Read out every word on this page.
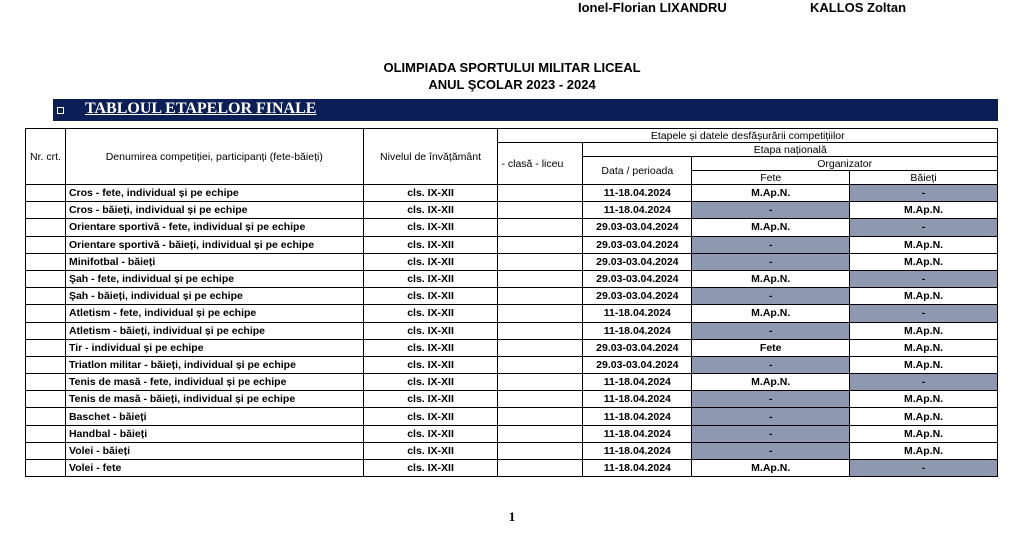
Ionel-Florian LIXANDRU	KALLOS Zoltan
OLIMPIADA SPORTULUI MILITAR LICEAL
ANUL ŞCOLAR 2023 - 2024
TABLOUL ETAPELOR FINALE
Nr. crt.	Denumirea competiției, participanți (fete-băieți)	Nivelul de învățământ	Etapele și datele desfășurării competițiilor			
			- clasă - liceu	Etapa națională		
				Data / perioada	Organizator	
					Fete	Băieți
	Cros - fete, individual și pe echipe	cls. IX-XII		11-18.04.2024	M.Ap.N.	-
	Cros - băieți, individual și pe echipe	cls. IX-XII		11-18.04.2024	-	M.Ap.N.
	Orientare sportivă - fete, individual și pe echipe	cls. IX-XII		29.03-03.04.2024	M.Ap.N.	-
	Orientare sportivă - băieți, individual și pe echipe	cls. IX-XII		29.03-03.04.2024	-	M.Ap.N.
	Minifotbal - băieți	cls. IX-XII		29.03-03.04.2024	-	M.Ap.N.
	Şah - fete, individual și pe echipe	cls. IX-XII		29.03-03.04.2024	M.Ap.N.	-
	Şah - băieți, individual și pe echipe	cls. IX-XII		29.03-03.04.2024	-	M.Ap.N.
	Atletism - fete, individual și pe echipe	cls. IX-XII		11-18.04.2024	M.Ap.N.	-
	Atletism - băieți, individual și pe echipe	cls. IX-XII		11-18.04.2024	-	M.Ap.N.
	Tir - individual și pe echipe	cls. IX-XII		29.03-03.04.2024	Fete	M.Ap.N.
	Triatlon militar - băieți, individual și pe echipe	cls. IX-XII		29.03-03.04.2024	-	M.Ap.N.
	Tenis de masă - fete, individual și pe echipe	cls. IX-XII		11-18.04.2024	M.Ap.N.	-
	Tenis de masă - băieți, individual și pe echipe	cls. IX-XII		11-18.04.2024	-	M.Ap.N.
	Baschet - băieți	cls. IX-XII		11-18.04.2024	-	M.Ap.N.
	Handbal - băieți	cls. IX-XII		11-18.04.2024	-	M.Ap.N.
	Volei - băieți	cls. IX-XII		11-18.04.2024	-	M.Ap.N.
	Volei - fete	cls. IX-XII		11-18.04.2024	M.Ap.N.	-
1
